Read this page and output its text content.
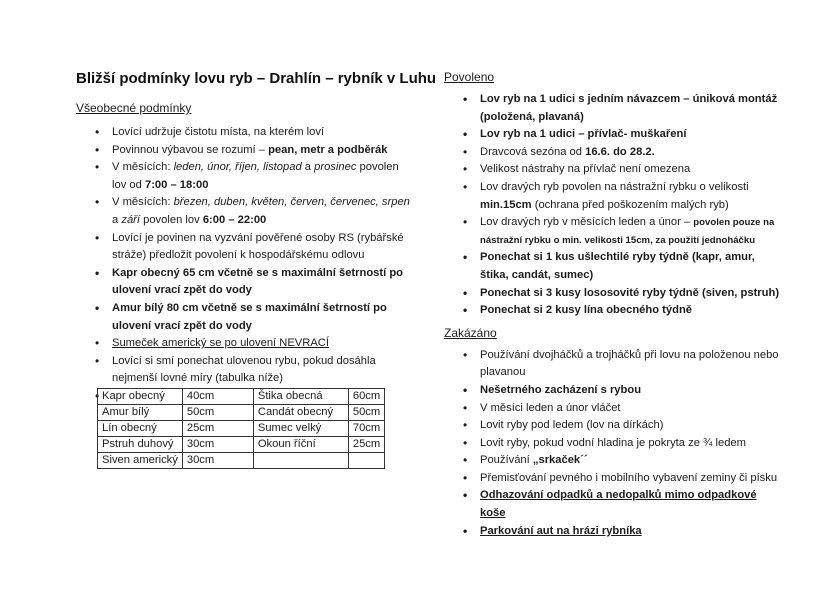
Bližší podmínky lovu ryb – Drahlín – rybník v Luhu
Všeobecné podmínky
• Lovící udržuje čistotu místa, na kterém loví
• Povinnou výbavou se rozumí – pean, metr a podběrák
• V měsících: leden, únor, říjen, listopad a prosinec povolen lov od 7:00 – 18:00
• V měsících: březen, duben, květen, červen, červenec, srpen a září povolen lov 6:00 – 22:00
• Lovící je povinen na vyzvání pověřené osoby RS (rybářské stráže) předložit povolení k hospodářskému odlovu
• Kapr obecný 65 cm včetně se s maximální šetrností po ulovení vrací zpět do vody
• Amur bílý 80 cm včetně se s maximální šetrností po ulovení vrací zpět do vody
• Sumeček americký se po ulovení NEVRACÍ
• Lovící si smí ponechat ulovenou rybu, pokud dosáhla nejmenší lovné míry (tabulka níže)
•
Kapr obecný	40cm	Štika obecná	60cm
Amur bílý	50cm	Candát obecný	50cm
Lín obecný	25cm	Sumec velký	70cm
Pstruh duhový	30cm	Okoun říční	25cm
Siven americký	30cm		
Povoleno
• Lov ryb na 1 udici s jedním návazcem – úniková montáž (položená, plavaná)
• Lov ryb na 1 udici – přívlač- muškaření
• Dravcová sezóna od 16.6. do 28.2.
• Velikost nástrahy na přívlač není omezena
• Lov dravých ryb povolen na nástražní rybku o velikosti min.15cm (ochrana před poškozením malých ryb)
• Lov dravých ryb v měsících leden a únor – povolen pouze na nástražní rybku o min. velikosti 15cm, za použití jednoháčku
• Ponechat si 1 kus ušlechtilé ryby týdně (kapr, amur, štika, candát, sumec)
• Ponechat si 3 kusy lososovité ryby týdně (siven, pstruh)
• Ponechat si 2 kusy lína obecného týdně
Zakázáno
• Používání dvojháčků a trojháčků při lovu na položenou nebo plavanou
• Nešetrného zacházení s rybou
• V měsíci leden a únor vláčet
• Lovit ryby pod ledem (lov na dírkách)
• Lovit ryby, pokud vodní hladina je pokryta ze ¾ ledem
• Používání „srkaček´´
• Přemisťování pevného i mobilního vybavení zeminy či písku
• Odhazování odpadků a nedopalků mimo odpadkové koše
• Parkování aut na hrázi rybníka
